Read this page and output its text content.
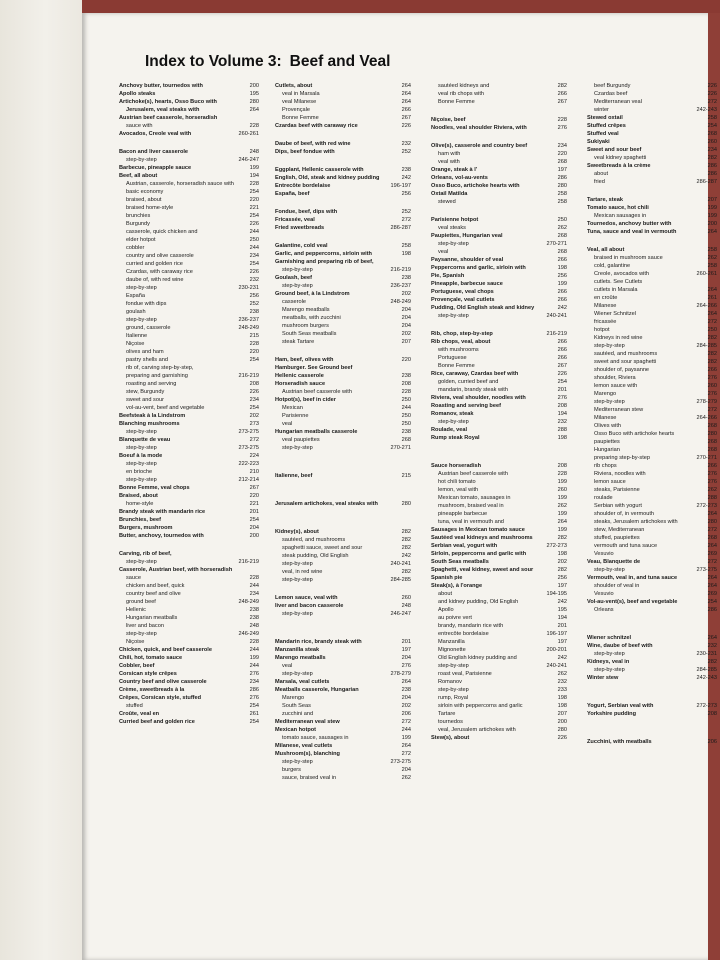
Index to Volume 3: Beef and Veal
Anchovy butter, tournedos with	200
Apollo steaks	195
Artichoke(s), hearts, Osso Buco with	280
Jerusalem, veal steaks with	264
Austrian beef casserole, horseradish
sauce with	228
Avocados, Creole veal with	260-261
Bacon and liver casserole	248
step-by-step	246-247
Barbecue, pineapple sauce	199
Beef, all about	194
Austrian, casserole, horseradish sauce with	228
basic economy	254
braised, about	220
braised home-style	221
brunchies	254
Burgundy	226
casserole, quick chicken and	244
elder hotpot	250
cobbler	244
country and olive casserole	234
curried and golden rice	254
Czardas, with caraway rice	226
daube of, with red wine	232
step-by-step	230-231
España	256
fondue with dips	252
goulash	238
step-by-step	236-237
ground, casserole	248-249
Italienne	215
Niçoise	228
olives and ham	220
pastry shells and	254
rib of, carving step-by-step,
preparing and garnishing	216-219
roasting and serving	208
stew, Burgundy	226
sweet and sour	234
vol-au-vent, beef and vegetable	254
Beefsteak à la Lindstrom	202
Blanching mushrooms	273
step-by-step	273-275
Blanquette de veau	272
step-by-step	273-275
Boeuf à la mode	224
step-by-step	222-223
en brioche	210
step-by-step	212-214
Bonne Femme, veal chops	267
Braised, about	220
home-style	221
Brandy steak with mandarin rice	201
Brunchies, beef	254
Burgers, mushroom	204
Butter, anchovy, tournedos with	200
Carving, rib of beef,
step-by-step	216-219
Casserole, Austrian beef, with horseradish
sauce	228
chicken and beef, quick	244
country beef and olive	234
ground beef	248-249
Hellenic	238
Hungarian meatballs	238
liver and bacon	248
step-by-step	246-249
Niçoise	228
Chicken, quick, and beef casserole	244
Chili, hot, tomato sauce	199
Cobbler, beef	244
Corsican style crêpes	276
Country beef and olive casserole	234
Crème, sweetbreads à la	286
Crêpes, Corsican style, stuffed	276
stuffed	254
Croûte, veal en	261
Curried beef and golden rice	254
Cutlets, about	264
veal in Marsala	264
veal Milanese	264
Provençale	266
Bonne Femme	267
Czardas beef with caraway rice	226
Daube of beef, with red wine	232
Dips, beef fondue with	252
Eggplant, Hellenic casserole with	238
English, Old, steak and kidney pudding	242
Entrecôte bordelaise	196-197
España, beef	256
Fondue, beef, dips with	252
Fricassée, veal	272
Fried sweetbreads	286-287
Galantine, cold veal	258
Garlic, and peppercorns, sirloin with	198
Garnishing and preparing rib of beef,
step-by-step	216-219
Goulash, beef	238
step-by-step	236-237
Ground beef, à la Lindstrom	202
casserole	248-249
Marengo meatballs	204
meatballs, with zucchini	204
mushroom burgers	204
South Seas meatballs	202
steak Tartare	207
Ham, beef, olives with	220
Hamburger. See Ground beef
Hellenic casserole	238
Horseradish sauce	208
Austrian beef casserole with	228
Hotpot(s), beef in cider	250
Mexican	244
Parisienne	250
veal	250
Hungarian meatballs casserole	238
veal paupiettes	268
step-by-step	270-271
Italienne, beef	215
Jerusalem artichokes, veal steaks with	280
Kidney(s), about	282
sautéed, and mushrooms	282
spaghetti sauce, sweet and sour	282
steak pudding, Old English	242
step-by-step	240-241
veal, in red wine	282
step-by-step	284-285
Lemon sauce, veal with	260
liver and bacon casserole	248
step-by-step	246-247
Mandarin rice, brandy steak with	201
Manzanilla steak	197
Marengo meatballs	204
veal	276
step-by-step	278-279
Marsala, veal cutlets	264
Meatballs casserole, Hungarian	238
Marengo	204
South Seas	202
zucchini and	206
Mediterranean veal stew	272
Mexican hotpot	244
tomato sauce, sausages in	199
Milanese, veal cutlets	264
Mushroom(s), blanching	272
step-by-step	273-275
burgers	204
sauce, braised veal in	262
sautéed kidneys and	282
veal rib chops with	266
Bonne Femme	267
Niçoise, beef	228
Noodles, veal shoulder Riviera, with	276
Olive(s), casserole and country beef	234
ham with	220
veal with	268
Orange, steak à l'	197
Orleans, vol-au-vents	286
Osso Buco, artichoke hearts with	280
Oxtail Matilda	258
stewed	258
Parisienne hotpot	250
veal steaks	262
Paupiettes, Hungarian veal	268
step-by-step	270-271
veal	268
Paysanne, shoulder of veal	266
Peppercorns and garlic, sirloin with	198
Pie, Spanish	256
Pineapple, barbecue sauce	199
Portuguese, veal chops	266
Provençale, veal cutlets	266
Pudding, Old English steak and kidney	242
step-by-step	240-241
Rib, chop, step-by-step	216-219
Rib chops, veal, about	266
with mushrooms	266
Portuguese	266
Bonne Femme	267
Rice, caraway, Czardas beef with	226
golden, curried beef and	254
mandarin, brandy steak with	201
Riviera, veal shoulder, noodles with	276
Roasting and serving beef	208
Romanov, steak	194
step-by-step	232
Roulade, veal	288
Rump steak Royal	198
Sauce horseradish	208
Austrian beef casserole with	228
hot chili tomato	199
lemon, veal with	260
Mexican tomato, sausages in	199
mushroom, braised veal in	262
pineapple barbecue	199
tuna, veal in vermouth and	264
Sausages in Mexican tomato sauce	199
Sautéed veal kidneys and mushrooms	282
Serbian veal, yogurt with	272-273
Sirloin, peppercorns and garlic with	198
South Seas meatballs	202
Spaghetti, veal kidney, sweet and sour	282
Spanish pie	256
Steak(s), à l'orange	197
about	194-195
and kidney pudding, Old English	242
Apollo	195
au poivre vert	194
brandy, mandarin rice with	201
entrecôte bordelaise	196-197
Manzanilla	197
Mignonette	200-201
Old English kidney pudding and	242
step-by-step	240-241
roast veal, Parisienne	262
Romanov	232
step-by-step	233
rump, Royal	198
sirloin with peppercorns and garlic	198
Tartare	207
tournedos	200
veal, Jerusalem artichokes with	280
Stew(s), about	226
beef Burgundy	226
Czardas beef	226
Mediterranean veal	272
winter	242-243
Stewed oxtail	258
Stuffed crêpes	254
Stuffed veal	268
Sukiyaki	260
Sweet and sour beef	234
veal kidney spaghetti	282
Sweetbreads à la crème	286
about	286
fried	286-287
Tartare, steak	207
Tomato sauce, hot chili	199
Mexican sausages in	199
Tournedos, anchovy butter with	200
Tuna, sauce and veal in vermouth	264
Veal, all about	258
braised in mushroom sauce	262
cold, galantine	258
Creole, avocados with	260-261
cutlets. See Cutlets
cutlets in Marsala	264
en croûte	261
Milanese	264-266
Wiener Schnitzel	264
fricassée	272
hotpot	250
Kidneys in red wine	282
step-by-step	284-285
sautéed, and mushrooms	282
sweet and sour spaghetti	282
shoulder of, paysanne	266
shoulder, Riviera	276
lemon sauce with	260
Marengo	276
step-by-step	278-279
Mediterranean stew	272
Milanese	264-266
Olives with	268
Osso Buco with artichoke hearts	280
paupiettes	268
Hungarian	268
preparing step-by-step	270-271
rib chops	266
Riviera, noodles with	276
lemon sauce	276
steaks, Parisienne	262
roulade	288
Serbian with yogurt	272-273
shoulder of, in vermouth	264
steaks, Jerusalem artichokes with	280
stew, Mediterranean	272
stuffed, paupiettes	268
vermouth and tuna sauce	264
Vesuvio	269
Veau, Blanquette de	272
step-by-step	273-275
Vermouth, veal in, and tuna sauce	264
shoulder of veal in	264
Vesuvio	269
Vol-au-vent(s), beef and vegetable	254
Orleans	286
Wiener schnitzel	264
Wine, daube of beef with	232
step-by-step	230-231
Kidneys, veal in	282
step-by-step	284-285
Winter stew	242-243
Yogurt, Serbian veal with	272-273
Yorkshire pudding	208
Zucchini, with meatballs	206
